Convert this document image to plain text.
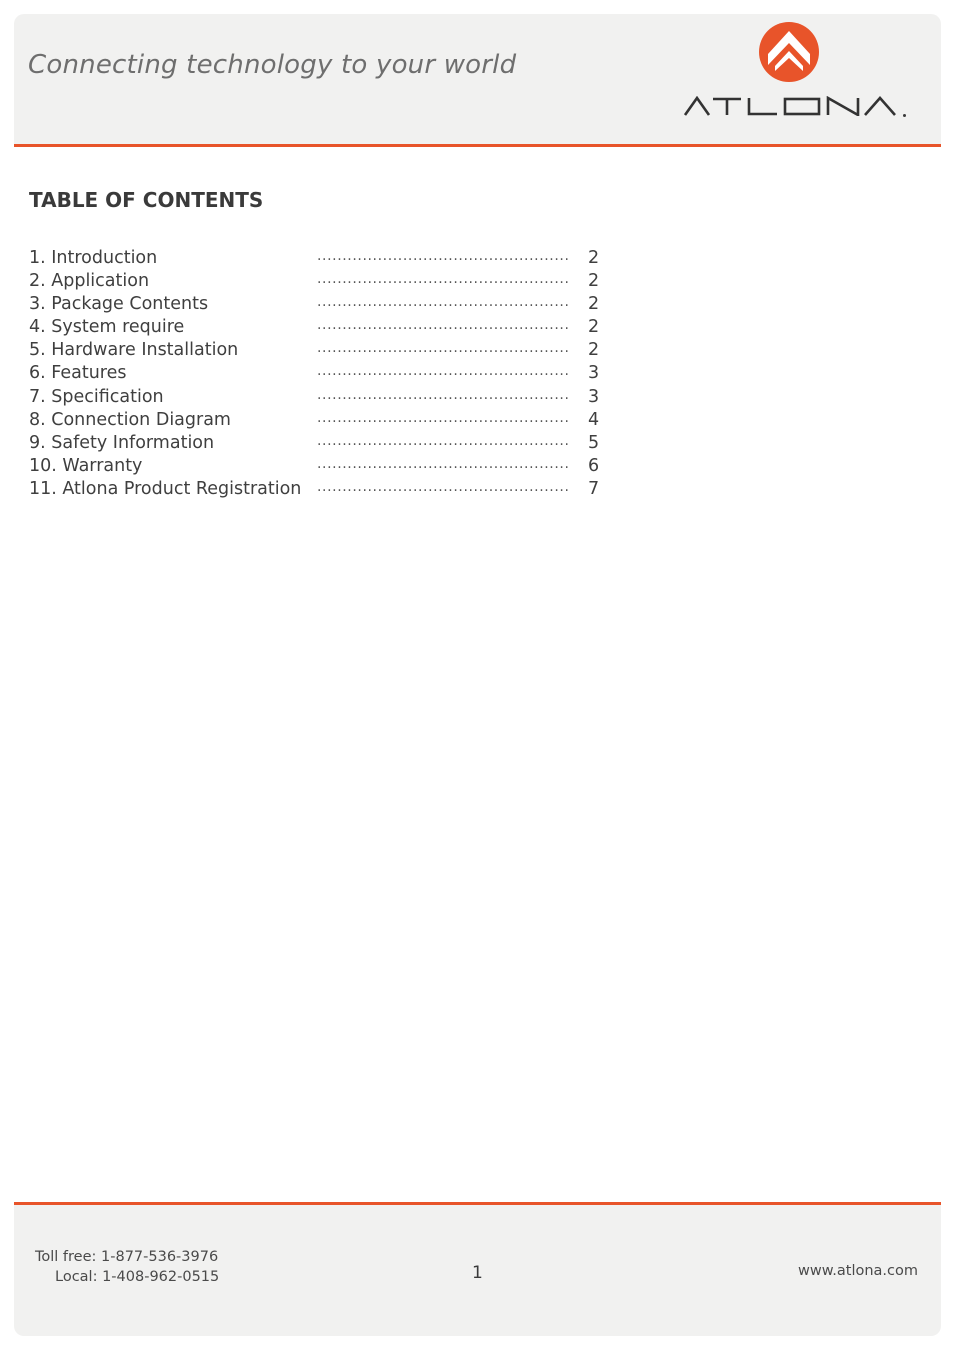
Connecting technology to your world
TABLE OF CONTENTS
1. Introduction	..................................................	2
2. Application	..................................................	2
3. Package Contents	..................................................	2
4. System require	..................................................	2
5. Hardware Installation	..................................................	2
6. Features	..................................................	3
7. Specification	..................................................	3
8. Connection Diagram	..................................................	4
9. Safety Information	..................................................	5
10. Warranty	..................................................	6
11. Atlona Product Registration ..................................................	7
Toll free: 1-877-536-3976
Local: 1-408-962-0515	1	www.atlona.com
